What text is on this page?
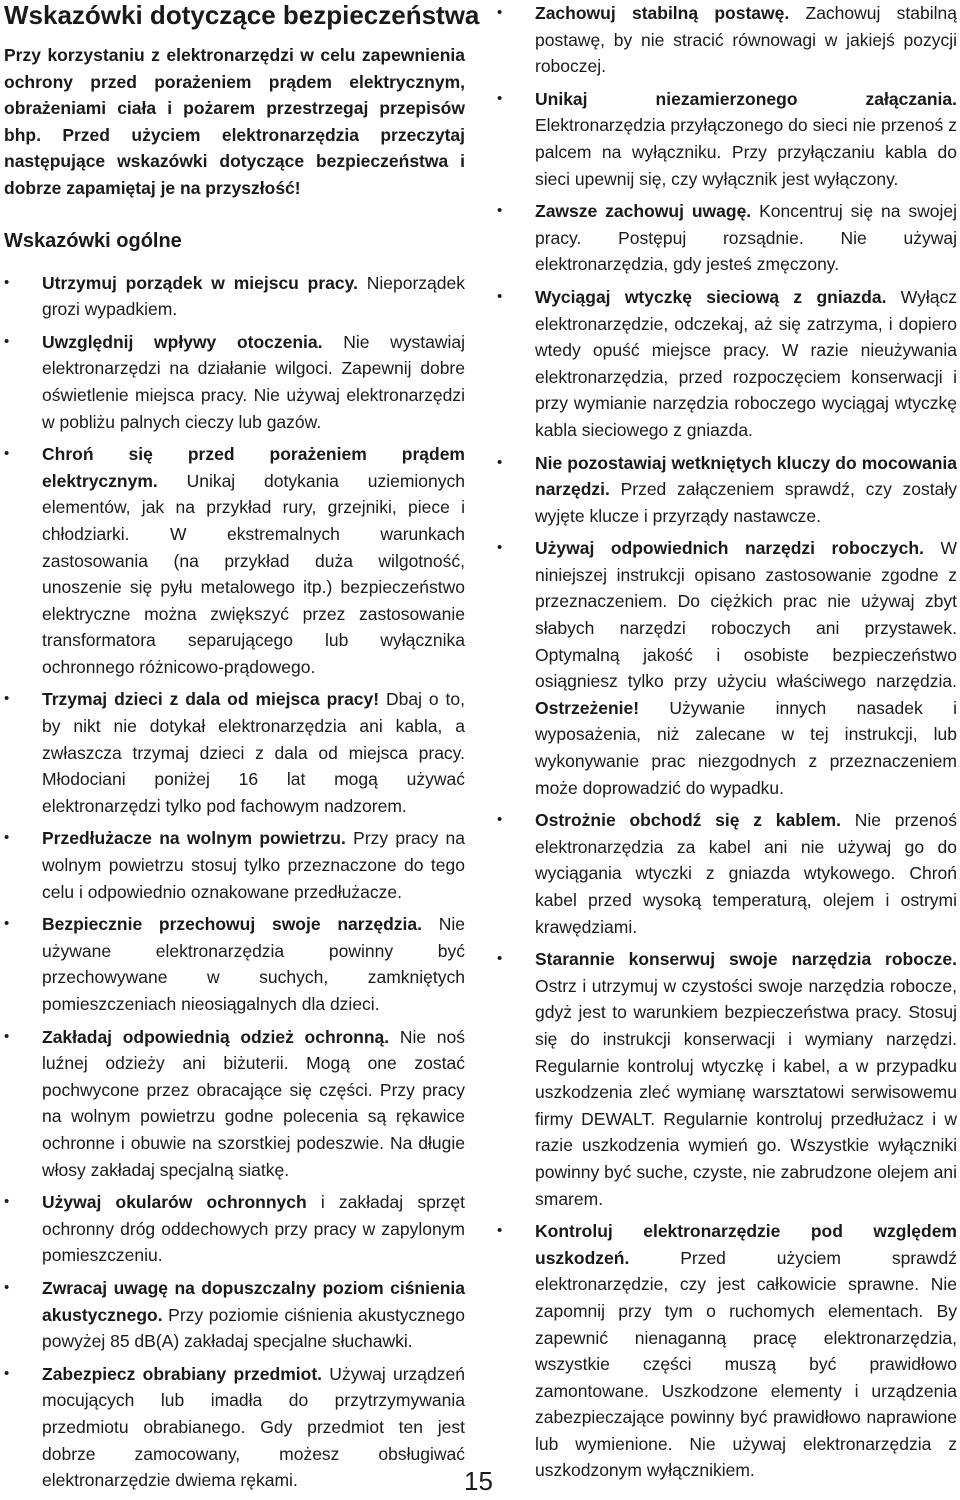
Wskazówki dotyczące bezpieczeństwa

Przy korzystaniu z elektronarzędzi w celu zapewnienia ochrony przed porażeniem prądem elektrycznym, obrażeniami ciała i pożarem przestrzegaj przepisów bhp. Przed użyciem elektronarzędzia przeczytaj następujące wskazówki dotyczące bezpieczeństwa i dobrze zapamiętaj je na przyszłość!

Wskazówki ogólne
• Utrzymuj porządek w miejscu pracy. Nieporządek grozi wypadkiem.
• Uwzględnij wpływy otoczenia. Nie wystawiaj elektronarzędzi na działanie wilgoci. Zapewnij dobre oświetlenie miejsca pracy. Nie używaj elektronarzędzi w pobliżu palnych cieczy lub gazów.
• Chroń się przed porażeniem prądem elektrycznym. Unikaj dotykania uziemionych elementów, jak na przykład rury, grzejniki, piece i chłodziarki. W ekstremalnych warunkach zastosowania (na przykład duża wilgotność, unoszenie się pyłu metalowego itp.) bezpieczeństwo elektryczne można zwiększyć przez zastosowanie transformatora separującego lub wyłącznika ochronnego różnicowo-prądowego.
• Trzymaj dzieci z dala od miejsca pracy! Dbaj o to, by nikt nie dotykał elektronarzędzia ani kabla, a zwłaszcza trzymaj dzieci z dala od miejsca pracy. Młodociani poniżej 16 lat mogą używać elektronarzędzi tylko pod fachowym nadzorem.
• Przedłużacze na wolnym powietrzu. Przy pracy na wolnym powietrzu stosuj tylko przeznaczone do tego celu i odpowiednio oznakowane przedłużacze.
• Bezpiecznie przechowuj swoje narzędzia. Nie używane elektronarzędzia powinny być przechowywane w suchych, zamkniętych pomieszczeniach nieosiągalnych dla dzieci.
• Zakładaj odpowiednią odzież ochronną. Nie noś luźnej odzieży ani biżuterii. Mogą one zostać pochwycone przez obracające się części. Przy pracy na wolnym powietrzu godne polecenia są rękawice ochronne i obuwie na szorstkiej podeszwie. Na długie włosy zakładaj specjalną siatkę.
• Używaj okularów ochronnych i zakładaj sprzęt ochronny dróg oddechowych przy pracy w zapylonym pomieszczeniu.
• Zwracaj uwagę na dopuszczalny poziom ciśnienia akustycznego. Przy poziomie ciśnienia akustycznego powyżej 85 dB(A) zakładaj specjalne słuchawki.
• Zabezpiecz obrabiany przedmiot. Używaj urządzeń mocujących lub imadła do przytrzymywania przedmiotu obrabianego. Gdy przedmiot ten jest dobrze zamocowany, możesz obsługiwać elektronarzędzie dwiema rękami.
• Zachowuj stabilną postawę. Zachowuj stabilną postawę, by nie stracić równowagi w jakiejś pozycji roboczej.
• Unikaj niezamierzonego załączania. Elektronarzędzia przyłączonego do sieci nie przenoś z palcem na wyłączniku. Przy przyłączaniu kabla do sieci upewnij się, czy wyłącznik jest wyłączony.
• Zawsze zachowuj uwagę. Koncentruj się na swojej pracy. Postępuj rozsądnie. Nie używaj elektronarzędzia, gdy jesteś zmęczony.
• Wyciągaj wtyczkę sieciową z gniazda. Wyłącz elektronarzędzie, odczekaj, aż się zatrzyma, i dopiero wtedy opuść miejsce pracy. W razie nieużywania elektronarzędzia, przed rozpoczęciem konserwacji i przy wymianie narzędzia roboczego wyciągaj wtyczkę kabla sieciowego z gniazda.
• Nie pozostawiaj wetkniętych kluczy do mocowania narzędzi. Przed załączeniem sprawdź, czy zostały wyjęte klucze i przyrządy nastawcze.
• Używaj odpowiednich narzędzi roboczych. W niniejszej instrukcji opisano zastosowanie zgodne z przeznaczeniem. Do ciężkich prac nie używaj zbyt słabych narzędzi roboczych ani przystawek. Optymalną jakość i osobiste bezpieczeństwo osiągniesz tylko przy użyciu właściwego narzędzia. Ostrzeżenie! Używanie innych nasadek i wyposażenia, niż zalecane w tej instrukcji, lub wykonywanie prac niezgodnych z przeznaczeniem może doprowadzić do wypadku.
• Ostrożnie obchodź się z kablem. Nie przenoś elektronarzędzia za kabel ani nie używaj go do wyciągania wtyczki z gniazda wtykowego. Chroń kabel przed wysoką temperaturą, olejem i ostrymi krawędziami.
• Starannie konserwuj swoje narzędzia robocze. Ostrz i utrzymuj w czystości swoje narzędzia robocze, gdyż jest to warunkiem bezpieczeństwa pracy. Stosuj się do instrukcji konserwacji i wymiany narzędzi. Regularnie kontroluj wtyczkę i kabel, a w przypadku uszkodzenia zleć wymianę warsztatowi serwisowemu firmy DEWALT. Regularnie kontroluj przedłużacz i w razie uszkodzenia wymień go. Wszystkie wyłączniki powinny być suche, czyste, nie zabrudzone olejem ani smarem.
• Kontroluj elektronarzędzie pod względem uszkodzeń. Przed użyciem sprawdź elektronarzędzie, czy jest całkowicie sprawne. Nie zapomnij przy tym o ruchomych elementach. By zapewnić nienaganną pracę elektronarzędzia, wszystkie części muszą być prawidłowo zamontowane. Uszkodzone elementy i urządzenia zabezpieczające powinny być prawidłowo naprawione lub wymienione. Nie używaj elektronarzędzia z uszkodzonym wyłącznikiem.
15
